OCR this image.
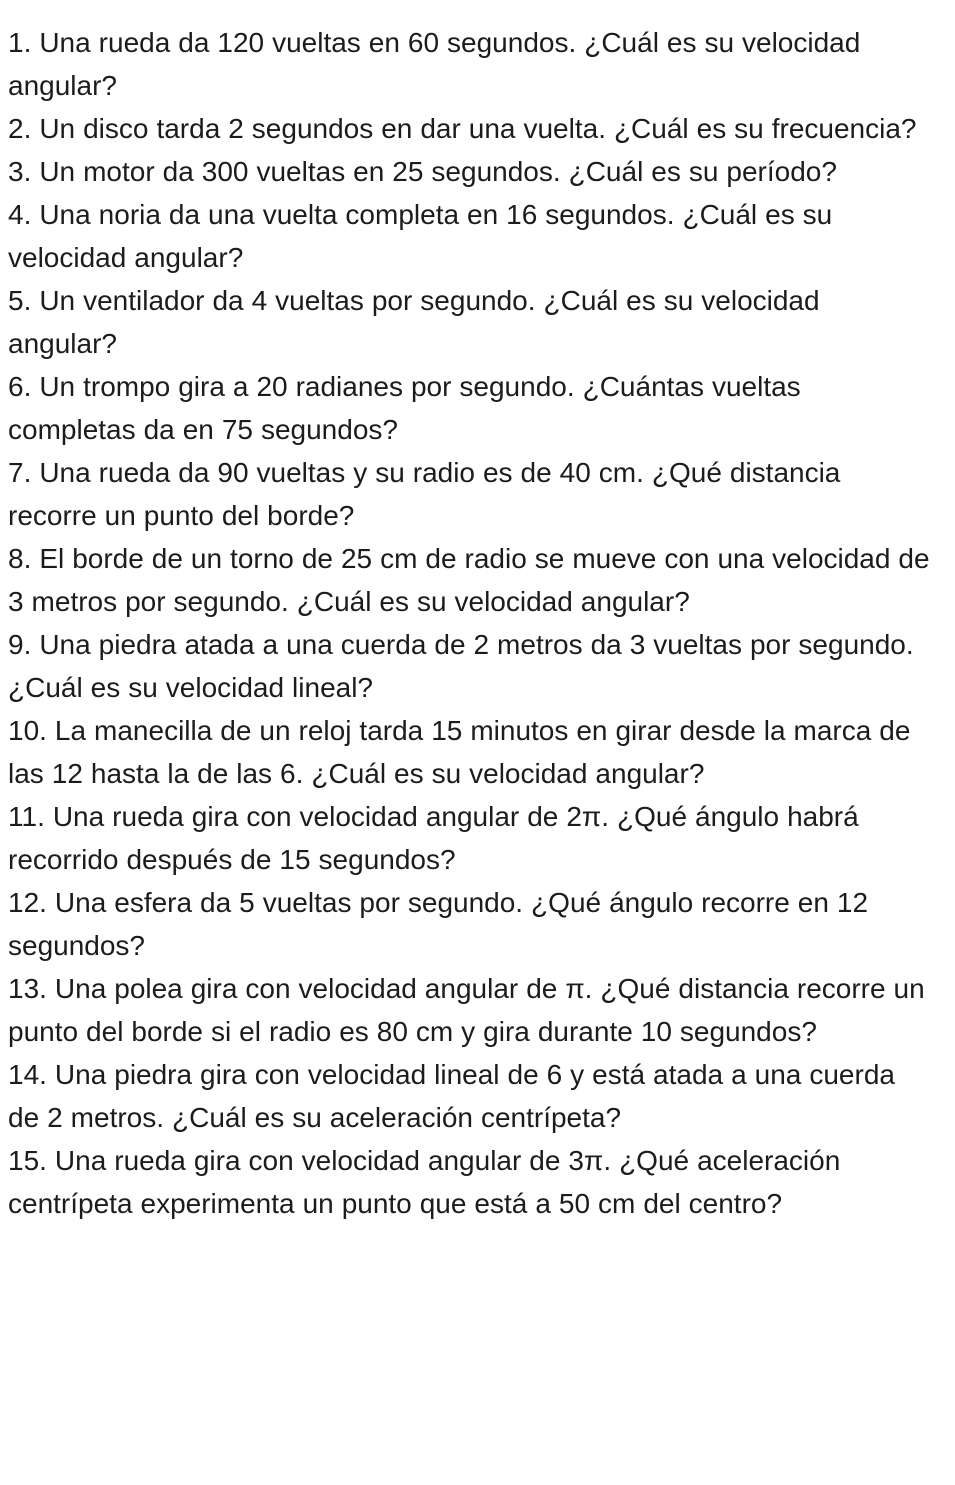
1. Una rueda da 120 vueltas en 60 segundos. ¿Cuál es su velocidad angular?
2. Un disco tarda 2 segundos en dar una vuelta. ¿Cuál es su frecuencia?
3. Un motor da 300 vueltas en 25 segundos. ¿Cuál es su período?
4. Una noria da una vuelta completa en 16 segundos. ¿Cuál es su velocidad angular?
5. Un ventilador da 4 vueltas por segundo. ¿Cuál es su velocidad angular?
6. Un trompo gira a 20 radianes por segundo. ¿Cuántas vueltas completas da en 75 segundos?
7. Una rueda da 90 vueltas y su radio es de 40 cm. ¿Qué distancia recorre un punto del borde?
8. El borde de un torno de 25 cm de radio se mueve con una velocidad de 3 metros por segundo. ¿Cuál es su velocidad angular?
9. Una piedra atada a una cuerda de 2 metros da 3 vueltas por segundo. ¿Cuál es su velocidad lineal?
10. La manecilla de un reloj tarda 15 minutos en girar desde la marca de las 12 hasta la de las 6. ¿Cuál es su velocidad angular?
11. Una rueda gira con velocidad angular de 2π. ¿Qué ángulo habrá recorrido después de 15 segundos?
12. Una esfera da 5 vueltas por segundo. ¿Qué ángulo recorre en 12 segundos?
13. Una polea gira con velocidad angular de π. ¿Qué distancia recorre un punto del borde si el radio es 80 cm y gira durante 10 segundos?
14. Una piedra gira con velocidad lineal de 6 y está atada a una cuerda de 2 metros. ¿Cuál es su aceleración centrípeta?
15. Una rueda gira con velocidad angular de 3π. ¿Qué aceleración centrípeta experimenta un punto que está a 50 cm del centro?
